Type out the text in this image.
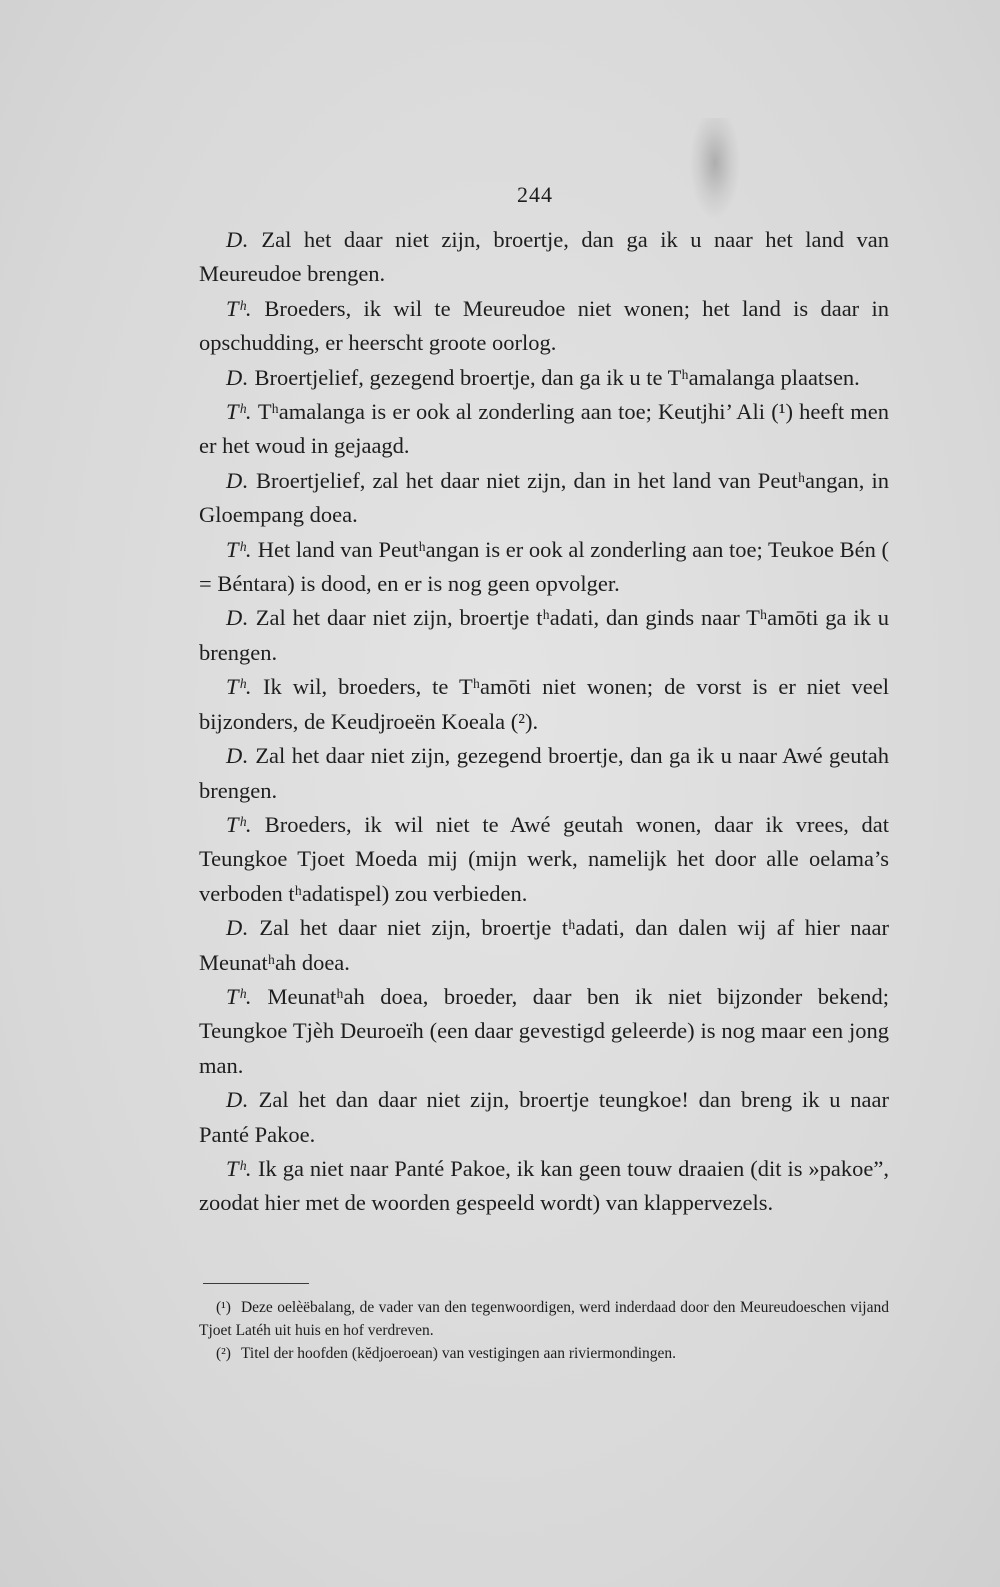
244

D. Zal het daar niet zijn, broertje, dan ga ik u naar het land van Meureudoe brengen.

Tʰ. Broeders, ik wil te Meureudoe niet wonen; het land is daar in opschudding, er heerscht groote oorlog.

D. Broertjelief, gezegend broertje, dan ga ik u te Tʰamalanga plaatsen.

Tʰ. Tʰamalanga is er ook al zonderling aan toe; Keutjhi’ Ali (¹) heeft men er het woud in gejaagd.

D. Broertjelief, zal het daar niet zijn, dan in het land van Peutʰangan, in Gloempang doea.

Tʰ. Het land van Peutʰangan is er ook al zonderling aan toe; Teukoe Bén ( = Béntara) is dood, en er is nog geen opvolger.

D. Zal het daar niet zijn, broertje tʰadati, dan ginds naar Tʰamōti ga ik u brengen.

Tʰ. Ik wil, broeders, te Tʰamōti niet wonen; de vorst is er niet veel bijzonders, de Keudjroeën Koeala (²).

D. Zal het daar niet zijn, gezegend broertje, dan ga ik u naar Awé geutah brengen.

Tʰ. Broeders, ik wil niet te Awé geutah wonen, daar ik vrees, dat Teungkoe Tjoet Moeda mij (mijn werk, namelijk het door alle oelama’s verboden tʰadatispel) zou verbieden.

D. Zal het daar niet zijn, broertje tʰadati, dan dalen wij af hier naar Meunatʰah doea.

Tʰ. Meunatʰah doea, broeder, daar ben ik niet bijzonder bekend; Teungkoe Tjèh Deuroeïh (een daar gevestigd geleerde) is nog maar een jong man.

D. Zal het dan daar niet zijn, broertje teungkoe! dan breng ik u naar Panté Pakoe.

Tʰ. Ik ga niet naar Panté Pakoe, ik kan geen touw draaien (dit is »pakoe”, zoodat hier met de woorden gespeeld wordt) van klappervezels.

(¹) Deze oelèëbalang, de vader van den tegenwoordigen, werd inderdaad door den Meureudoeschen vijand Tjoet Latéh uit huis en hof verdreven.

(²) Titel der hoofden (kĕdjoeroean) van vestigingen aan riviermondingen.
